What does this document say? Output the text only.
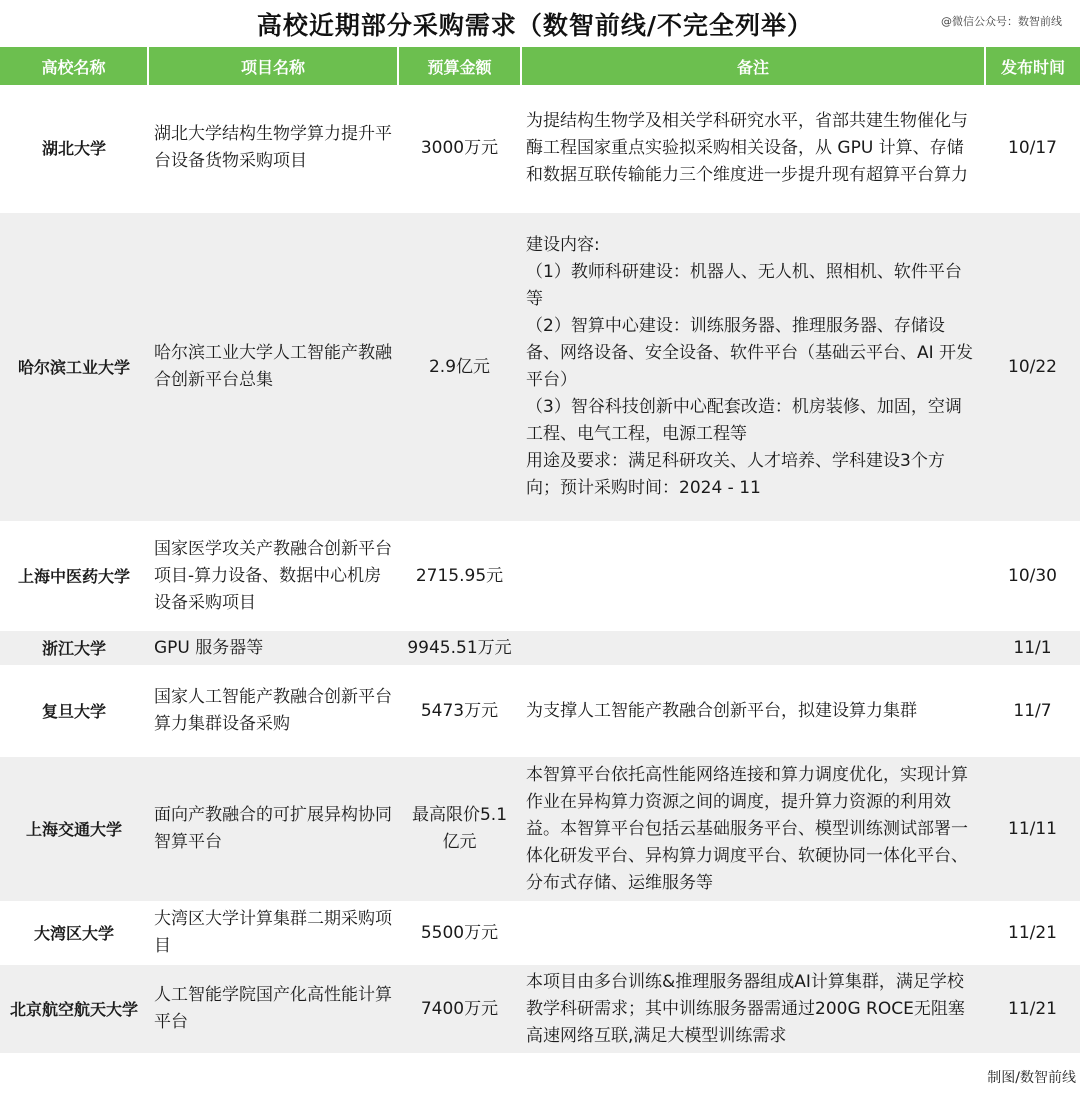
高校近期部分采购需求（数智前线/不完全列举）	@微信公众号：数智前线
高校名称	项目名称	预算金额	备注	发布时间
湖北大学	湖北大学结构生物学算力提升平台设备货物采购项目	3000万元	为提结构生物学及相关学科研究水平，省部共建生物催化与酶工程国家重点实验拟采购相关设备，从 GPU 计算、存储和数据互联传输能力三个维度进一步提升现有超算平台算力	10/17
哈尔滨工业大学	哈尔滨工业大学人工智能产教融合创新平台总集	2.9亿元	建设内容:
（1）教师科研建设：机器人、无人机、照相机、软件平台等
（2）智算中心建设：训练服务器、推理服务器、存储设备、网络设备、安全设备、软件平台（基础云平台、AI 开发平台）
（3）智谷科技创新中心配套改造：机房装修、加固，空调工程、电气工程，电源工程等
用途及要求：满足科研攻关、人才培养、学科建设3个方向；预计采购时间：2024 - 11	10/22
上海中医药大学	国家医学攻关产教融合创新平台项目-算力设备、数据中心机房设备采购项目	2715.95元		10/30
浙江大学	GPU 服务器等	9945.51万元		11/1
复旦大学	国家人工智能产教融合创新平台算力集群设备采购	5473万元	为支撑人工智能产教融合创新平台，拟建设算力集群	11/7
上海交通大学	面向产教融合的可扩展异构协同智算平台	最高限价5.1亿元	本智算平台依托高性能网络连接和算力调度优化，实现计算作业在异构算力资源之间的调度，提升算力资源的利用效益。本智算平台包括云基础服务平台、模型训练测试部署一体化研发平台、异构算力调度平台、软硬协同一体化平台、分布式存储、运维服务等	11/11
大湾区大学	大湾区大学计算集群二期采购项目	5500万元		11/21
北京航空航天大学	人工智能学院国产化高性能计算平台	7400万元	本项目由多台训练&推理服务器组成AI计算集群，满足学校教学科研需求；其中训练服务器需通过200G ROCE无阻塞高速网络互联,满足大模型训练需求	11/21
制图/数智前线
